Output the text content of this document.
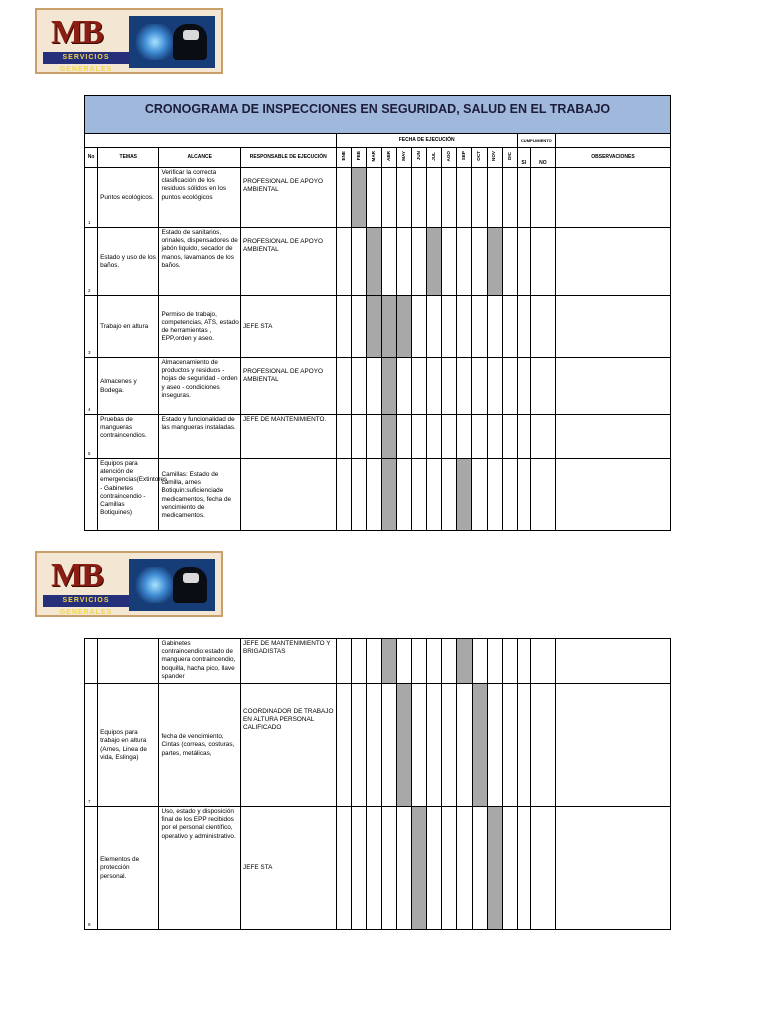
MB
SERVICIOS GENERALES
CRONOGRAMA DE INSPECCIONES EN SEGURIDAD, SALUD EN EL TRABAJO																		
				FECHA DE EJECUCIÓN												CUMPLIMIENTO		
No	TEMAS	ALCANCE	RESPONSABLE DE EJECUCIÓN	ENE	FEB	MAR	ABR	MAY	JUN	JUL	AGO	SEP	OCT	NOV	DIC	SI	NO	OBSERVACIONES
1	Puntos ecológicos.	Verificar la correcta clasificación de los residuos sólidos en los puntos ecológicos	PROFESIONAL DE APOYO AMBIENTAL															
2	Estado y uso de los baños.	Estado de sanitarios, orinales, dispensadores de jabón liquido, secador de manos, lavamanos de los baños.	PROFESIONAL DE APOYO AMBIENTAL															
3	Trabajo en altura	Permiso de trabajo, competencias, ATS, estado de herramientas , EPP,orden y aseo.	JEFE STA															
4	Almacenes y Bodega.	Almacenamiento de productos y residuos -hojas de seguridad - orden y aseo - condiciones inseguras.	PROFESIONAL DE APOYO AMBIENTAL															
5	Pruebas de mangueras contraincendios.	Estado y funcionalidad de las mangueras instaladas.	JEFE DE MANTENIMIENTO.															
	Equipos para atención de emergencias(Extintores - Gabinetes contraincendio - Camillas Botiquines)	Camillas: Estado de camilla, arnes Botiquin:suficienciade medicamentos, fecha de vencimiento de medicamentos.																
MB
SERVICIOS GENERALES
		Gabinetes contraincendio:estado de manguera contraincendio, boquilla, hacha pico, llave spander	JEFE DE MANTENIMIENTO Y BRIGADISTAS															
7	Equipos para trabajo en altura (Arnes, Linea de vida, Eslinga)	fecha de vencimiento, Cintas (correas, costuras, partes, metálicas,	COORDINADOR DE TRABAJO EN ALTURA PERSONAL CALIFICADO															
8	Elementos de protección personal.	Uso, estado y disposición final de los EPP recibidos por el personal científico, operativo y administrativo.	JEFE STA															
